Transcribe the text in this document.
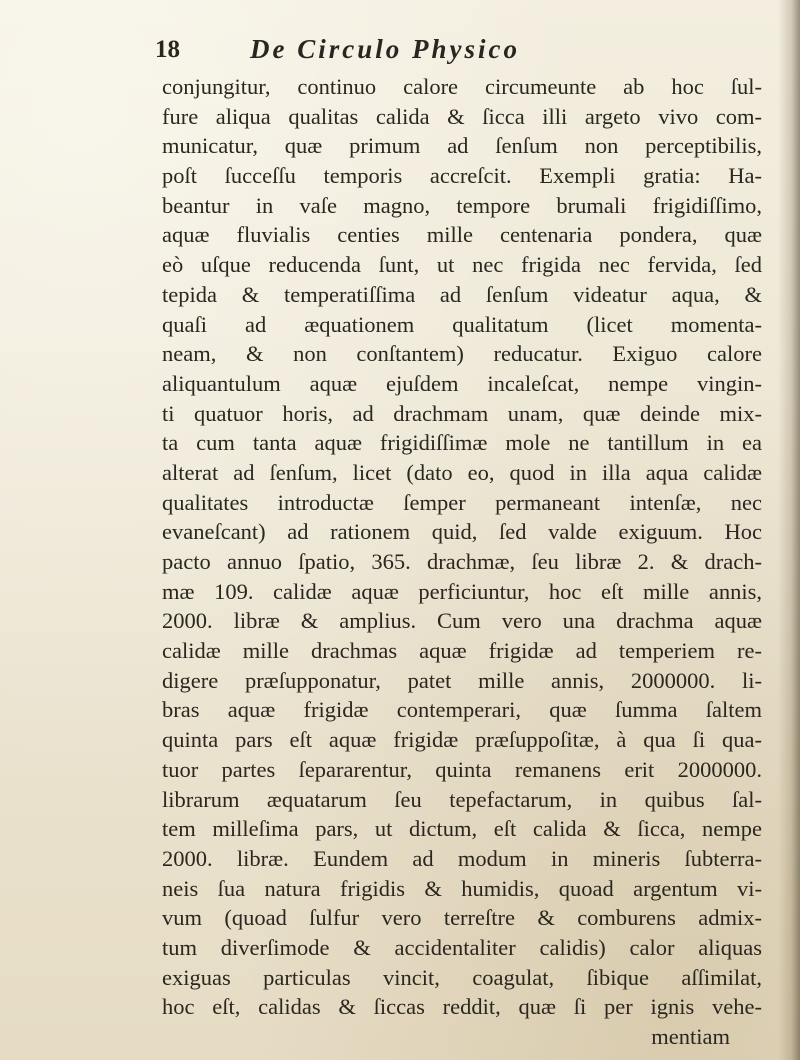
18	De Circulo Physico
conjungitur, continuo calore circumeunte ab hoc ſul-
fure aliqua qualitas calida & ſicca illi argeto vivo com-
municatur, quæ primum ad ſenſum non perceptibilis,
poſt ſucceſſu temporis accreſcit. Exempli gratia: Ha-
beantur in vaſe magno, tempore brumali frigidiſſimo,
aquæ fluvialis centies mille centenaria pondera, quæ
eò uſque reducenda ſunt, ut nec frigida nec fervida, ſed
tepida & temperatiſſima ad ſenſum videatur aqua, &
quaſi ad æquationem qualitatum (licet momenta-
neam, & non conſtantem) reducatur. Exiguo calore
aliquantulum aquæ ejuſdem incaleſcat, nempe vingin-
ti quatuor horis, ad drachmam unam, quæ deinde mix-
ta cum tanta aquæ frigidiſſimæ mole ne tantillum in ea
alterat ad ſenſum, licet (dato eo, quod in illa aqua calidæ
qualitates introductæ ſemper permaneant intenſæ, nec
evaneſcant) ad rationem quid, ſed valde exiguum. Hoc
pacto annuo ſpatio, 365. drachmæ, ſeu libræ 2. & drach-
mæ 109. calidæ aquæ perficiuntur, hoc eſt mille annis,
2000. libræ & amplius. Cum vero una drachma aquæ
calidæ mille drachmas aquæ frigidæ ad temperiem re-
digere præſupponatur, patet mille annis, 2000000. li-
bras aquæ frigidæ contemperari, quæ ſumma ſaltem
quinta pars eſt aquæ frigidæ præſuppoſitæ, à qua ſi qua-
tuor partes ſepararentur, quinta remanens erit 2000000.
librarum æquatarum ſeu tepefactarum, in quibus ſal-
tem milleſima pars, ut dictum, eſt calida & ſicca, nempe
2000. libræ. Eundem ad modum in mineris ſubterra-
neis ſua natura frigidis & humidis, quoad argentum vi-
vum (quoad ſulfur vero terreſtre & comburens admix-
tum diverſimode & accidentaliter calidis) calor aliquas
exiguas particulas vincit, coagulat, ſibique aſſimilat,
hoc eſt, calidas & ſiccas reddit, quæ ſi per ignis vehe-
mentiam
